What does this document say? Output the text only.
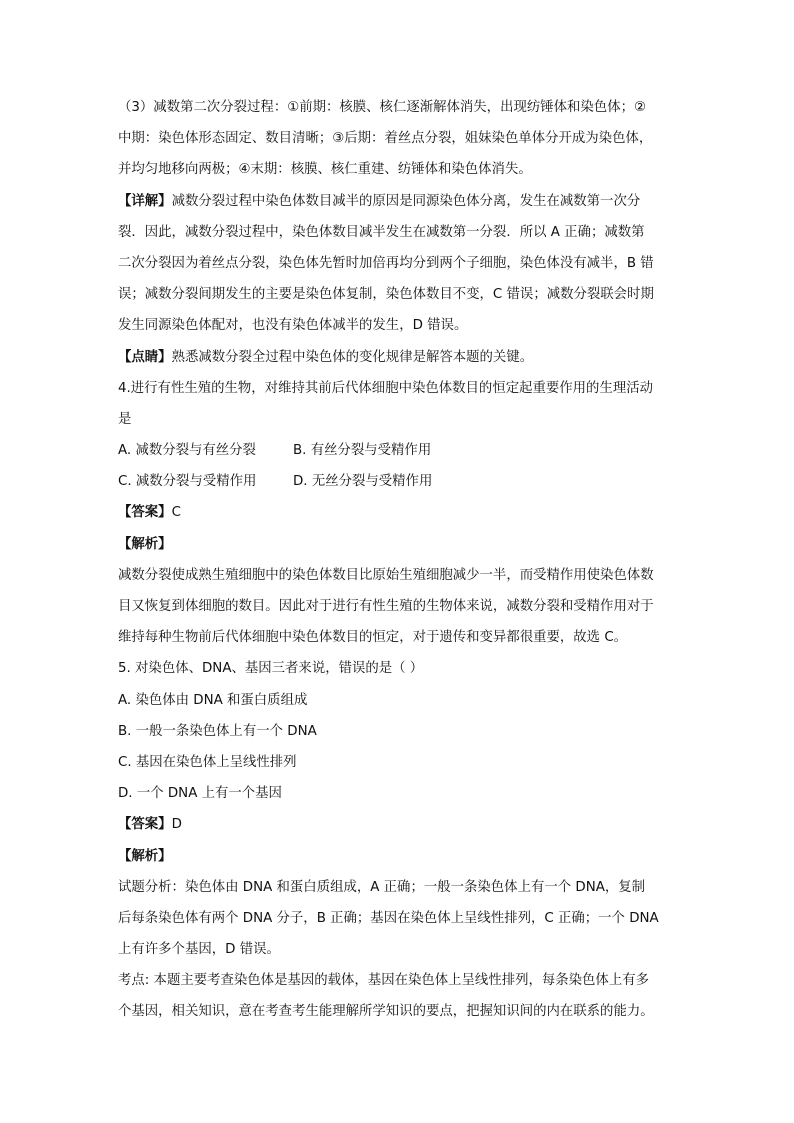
（3）减数第二次分裂过程：①前期：核膜、核仁逐渐解体消失，出现纺锤体和染色体；②
中期：染色体形态固定、数目清晰；③后期：着丝点分裂，姐妹染色单体分开成为染色体，
并均匀地移向两极；④末期：核膜、核仁重建、纺锤体和染色体消失。
【详解】减数分裂过程中染色体数目减半的原因是同源染色体分离，发生在减数第一次分
裂．因此，减数分裂过程中，染色体数目减半发生在减数第一分裂．所以 A 正确；减数第
二次分裂因为着丝点分裂，染色体先暂时加倍再均分到两个子细胞，染色体没有减半，B 错
误；减数分裂间期发生的主要是染色体复制，染色体数目不变，C 错误；减数分裂联会时期
发生同源染色体配对，也没有染色体减半的发生，D 错误。
【点睛】熟悉减数分裂全过程中染色体的变化规律是解答本题的关键。
4.进行有性生殖的生物，对维持其前后代体细胞中染色体数目的恒定起重要作用的生理活动
是
A. 减数分裂与有丝分裂	B. 有丝分裂与受精作用
C. 减数分裂与受精作用	D. 无丝分裂与受精作用
【答案】C
【解析】
减数分裂使成熟生殖细胞中的染色体数目比原始生殖细胞减少一半，而受精作用使染色体数
目又恢复到体细胞的数目。因此对于进行有性生殖的生物体来说，减数分裂和受精作用对于
维持每种生物前后代体细胞中染色体数目的恒定，对于遗传和变异都很重要，故选 C。
5. 对染色体、DNA、基因三者来说，错误的是（ ）
A. 染色体由 DNA 和蛋白质组成
B. 一般一条染色体上有一个 DNA
C. 基因在染色体上呈线性排列
D. 一个 DNA 上有一个基因
【答案】D
【解析】
试题分析：染色体由 DNA 和蛋白质组成，A 正确；一般一条染色体上有一个 DNA，复制
后每条染色体有两个 DNA 分子，B 正确；基因在染色体上呈线性排列，C 正确；一个 DNA
上有许多个基因，D 错误。
考点: 本题主要考查染色体是基因的载体，基因在染色体上呈线性排列，每条染色体上有多
个基因，相关知识，意在考查考生能理解所学知识的要点，把握知识间的内在联系的能力。
